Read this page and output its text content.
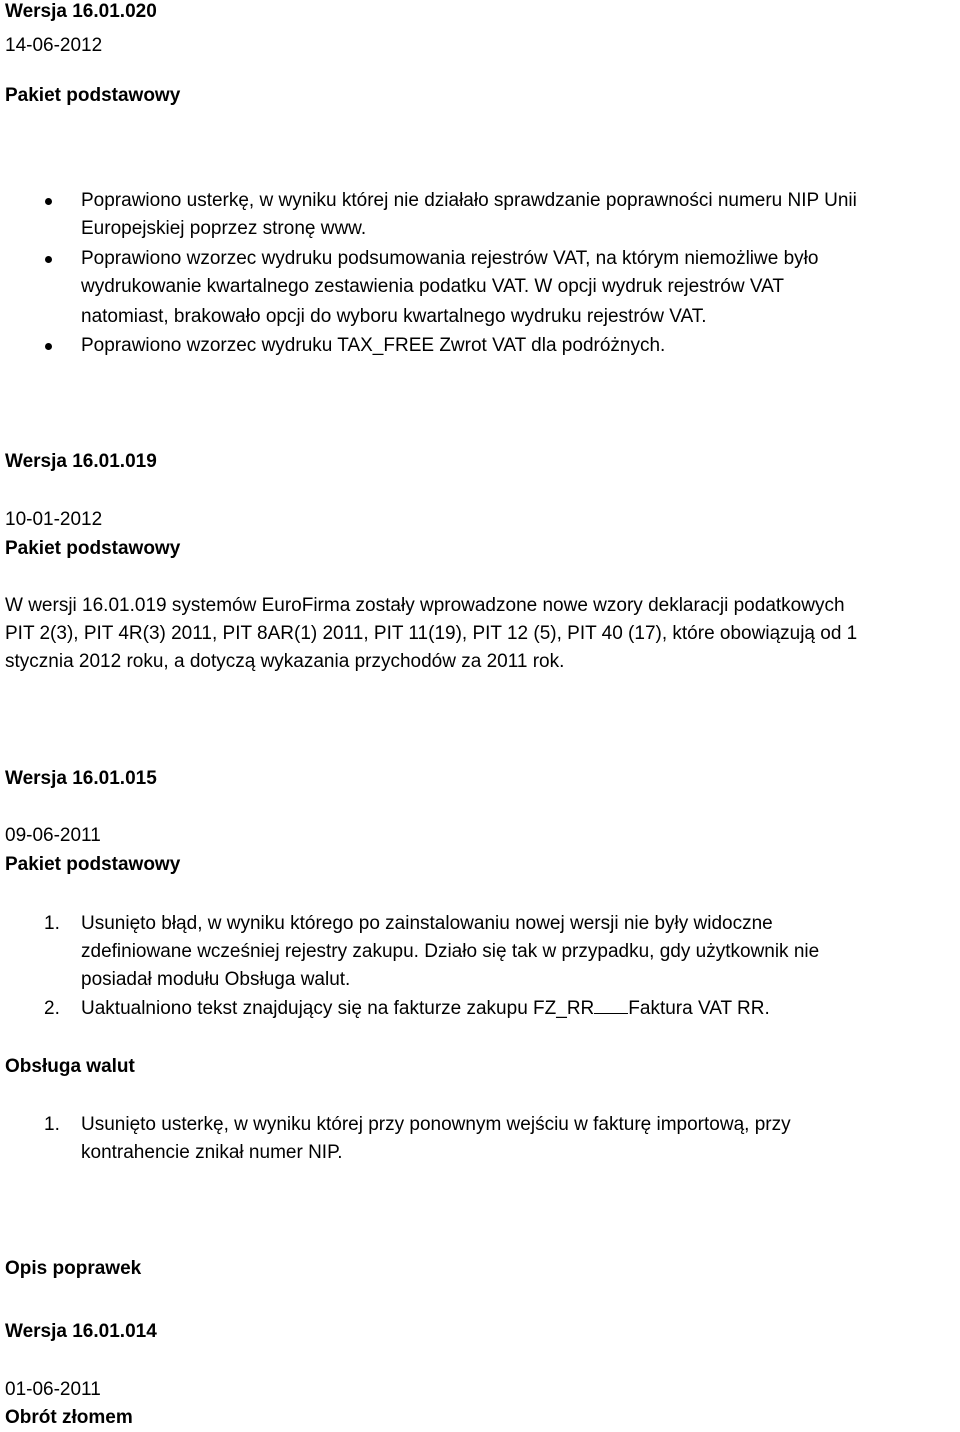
Wersja 16.01.020
14-06-2012
Pakiet podstawowy
Poprawiono usterkę, w wyniku której nie działało sprawdzanie poprawności numeru NIP Unii
Europejskiej poprzez stronę www.
Poprawiono wzorzec wydruku podsumowania rejestrów VAT, na którym niemożliwe było
wydrukowanie kwartalnego zestawienia podatku VAT. W opcji wydruk rejestrów VAT
natomiast, brakowało opcji do wyboru kwartalnego wydruku rejestrów VAT.
Poprawiono wzorzec wydruku TAX_FREE Zwrot VAT dla podróżnych.
Wersja 16.01.019
10-01-2012
Pakiet podstawowy
W wersji 16.01.019 systemów EuroFirma zostały wprowadzone nowe wzory deklaracji podatkowych
PIT 2(3), PIT 4R(3) 2011, PIT 8AR(1) 2011, PIT 11(19), PIT 12 (5), PIT 40 (17), które obowiązują od 1
stycznia 2012 roku, a dotyczą wykazania przychodów za 2011 rok.
Wersja 16.01.015
09-06-2011
Pakiet podstawowy
1. Usunięto błąd, w wyniku którego po zainstalowaniu nowej wersji nie były widoczne
zdefiniowane wcześniej rejestry zakupu. Działo się tak w przypadku, gdy użytkownik nie
posiadał modułu Obsługa walut.
2. Uaktualniono tekst znajdujący się na fakturze zakupu FZ_RR Faktura VAT RR.
Obsługa walut
1. Usunięto usterkę, w wyniku której przy ponownym wejściu w fakturę importową, przy
kontrahencie znikał numer NIP.
Opis poprawek
Wersja 16.01.014
01-06-2011
Obrót złomem
